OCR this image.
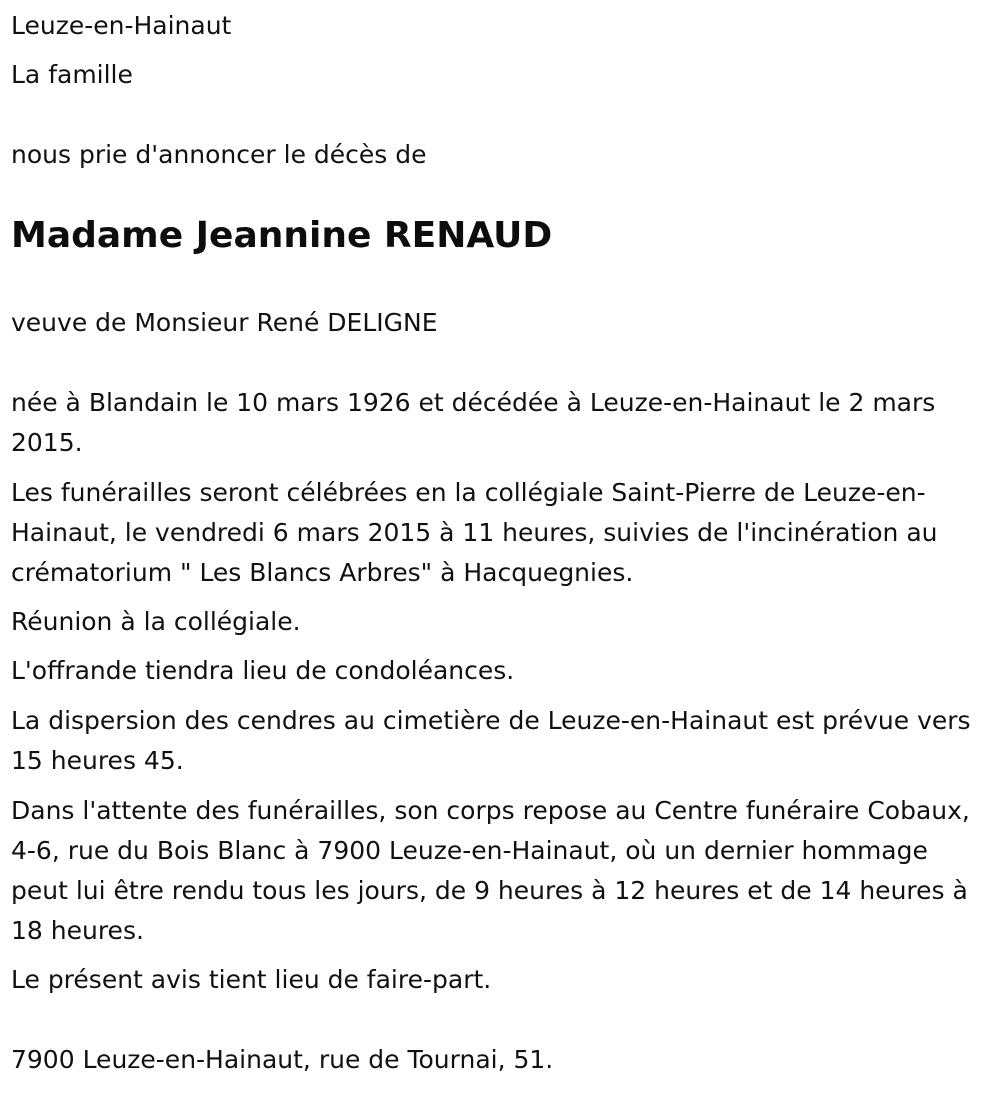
Leuze-en-Hainaut

La famille

nous prie d'annoncer le décès de

Madame Jeannine RENAUD

veuve de Monsieur René DELIGNE

née à Blandain le 10 mars 1926 et décédée à Leuze-en-Hainaut le 2 mars 2015.

Les funérailles seront célébrées en la collégiale Saint-Pierre de Leuze-en-Hainaut, le vendredi 6 mars 2015 à 11 heures, suivies de l'incinération au crématorium " Les Blancs Arbres" à Hacquegnies.

Réunion à la collégiale.

L'offrande tiendra lieu de condoléances.

La dispersion des cendres au cimetière de Leuze-en-Hainaut est prévue vers 15 heures 45.

Dans l'attente des funérailles, son corps repose au Centre funéraire Cobaux, 4-6, rue du Bois Blanc à 7900 Leuze-en-Hainaut, où un dernier hommage peut lui être rendu tous les jours, de 9 heures à 12 heures et de 14 heures à 18 heures.

Le présent avis tient lieu de faire-part.

7900 Leuze-en-Hainaut, rue de Tournai, 51.
